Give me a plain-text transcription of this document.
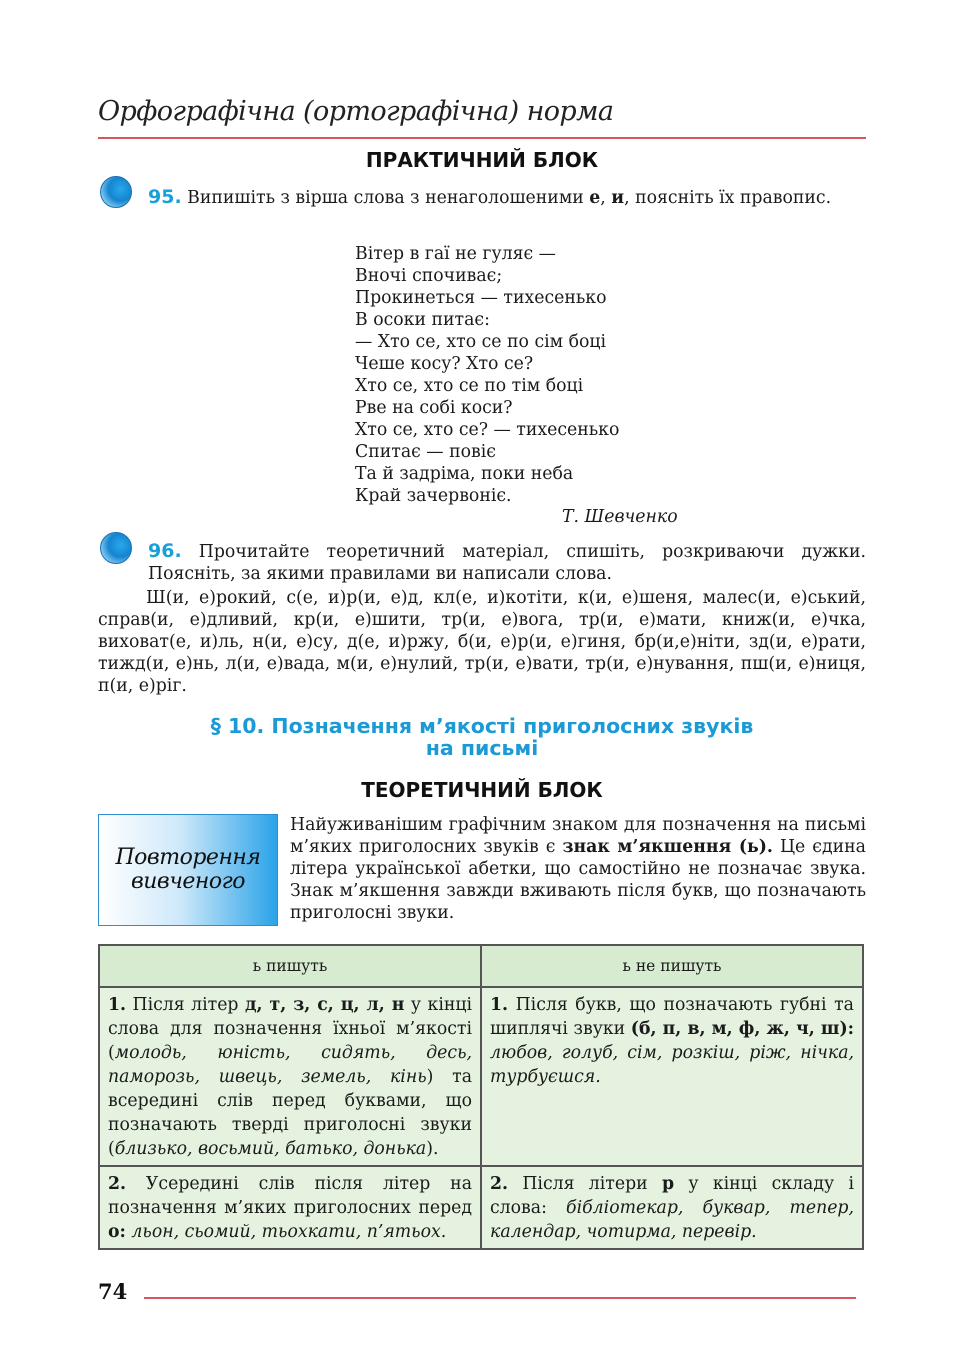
Орфографічна (ортографічна) норма
ПРАКТИЧНИЙ БЛОК
95. Випишіть з вірша слова з ненаголошеними е, и, поясніть їх правопис.
Вітер в гаї не гуляє —
Вночі спочиває;
Прокинеться — тихесенько
В осоки питає:
— Хто се, хто се по сім боці
Чеше косу? Хто се?
Хто се, хто се по тім боці
Рве на собі коси?
Хто се, хто се? — тихесенько
Спитає — повіє
Та й задріма, поки неба
Край зачервоніє.
Т. Шевченко
96. Прочитайте теоретичний матеріал, спишіть, розкриваючи дужки. Поясніть, за якими правилами ви написали слова.
Ш(и, е)рокий, с(е, и)р(и, е)д, кл(е, и)котіти, к(и, е)шеня, малес(и, е)ський, справ(и, е)дливий, кр(и, е)шити, тр(и, е)вога, тр(и, е)мати, книж(и, е)чка, виховат(е, и)ль, н(и, е)су, д(е, и)ржу, б(и, е)р(и, е)гиня, бр(и,е)ніти, зд(и, е)рати, тижд(и, е)нь, л(и, е)вада, м(и, е)нулий, тр(и, е)вати, тр(и, е)нування, пш(и, е)ниця, п(и, е)ріг.
§ 10. Позначення м’якості приголосних звуків
на письмі
ТЕОРЕТИЧНИЙ БЛОК
Повторення
вивченого
Найуживанішим графічним знаком для позначення на письмі м’яких приголосних звуків є знак м’якшення (ь). Це єдина літера української абетки, що самостійно не позначає звука. Знак м’якшення завжди вживають після букв, що позначають приголосні звуки.
ь пишуть	ь не пишуть
1. Після літер д, т, з, с, ц, л, н у кінці слова для позначення їхньої м’якості (молодь, юність, сидять, десь, паморозь, швець, земель, кінь) та всередині слів перед буквами, що позначають тверді приголосні звуки (близько, восьмий, батько, донька).	1. Після букв, що позначають губні та шиплячі звуки (б, п, в, м, ф, ж, ч, ш): любов, голуб, сім, розкіш, ріж, нічка, турбуєшся.
2. Усередині слів після літер на позначення м’яких приголосних перед о: льон, сьомий, тьохкати, п’ятьох.	2. Після літери р у кінці складу і слова: бібліотекар, буквар, тепер, календар, чотирма, перевір.
74
